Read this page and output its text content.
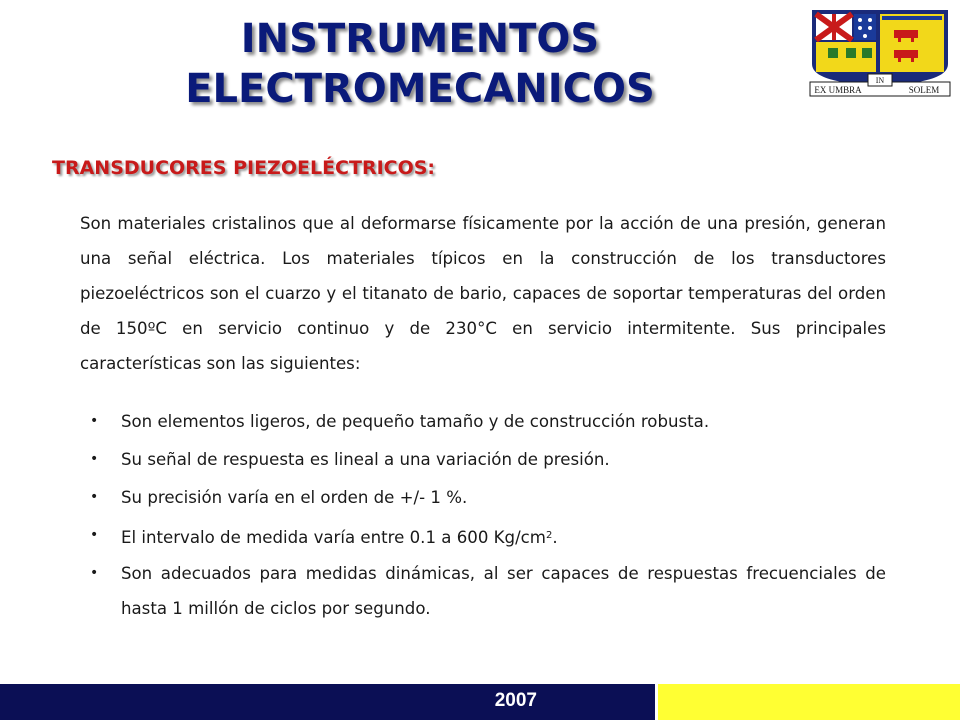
INSTRUMENTOS
ELECTROMECANICOS	EX UMBRA
IN
SOLEM
TRANSDUCORES PIEZOELÉCTRICOS:

Son materiales cristalinos que al deformarse físicamente por la acción de una presión, generan una señal eléctrica. Los materiales típicos en la construcción de los transductores piezoeléctricos son el cuarzo y el titanato de bario, capaces de soportar temperaturas del orden de 150ºC en servicio continuo y de 230°C en servicio intermitente. Sus principales características son las siguientes:

• Son elementos ligeros, de pequeño tamaño y de construcción robusta.
• Su señal de respuesta es lineal a una variación de presión.
• Su precisión varía en el orden de +/- 1 %.
• El intervalo de medida varía entre 0.1 a 600 $Kg/cm^2$.
• Son adecuados para medidas dinámicas, al ser capaces de respuestas frecuenciales de hasta 1 millón de ciclos por segundo.
2007
